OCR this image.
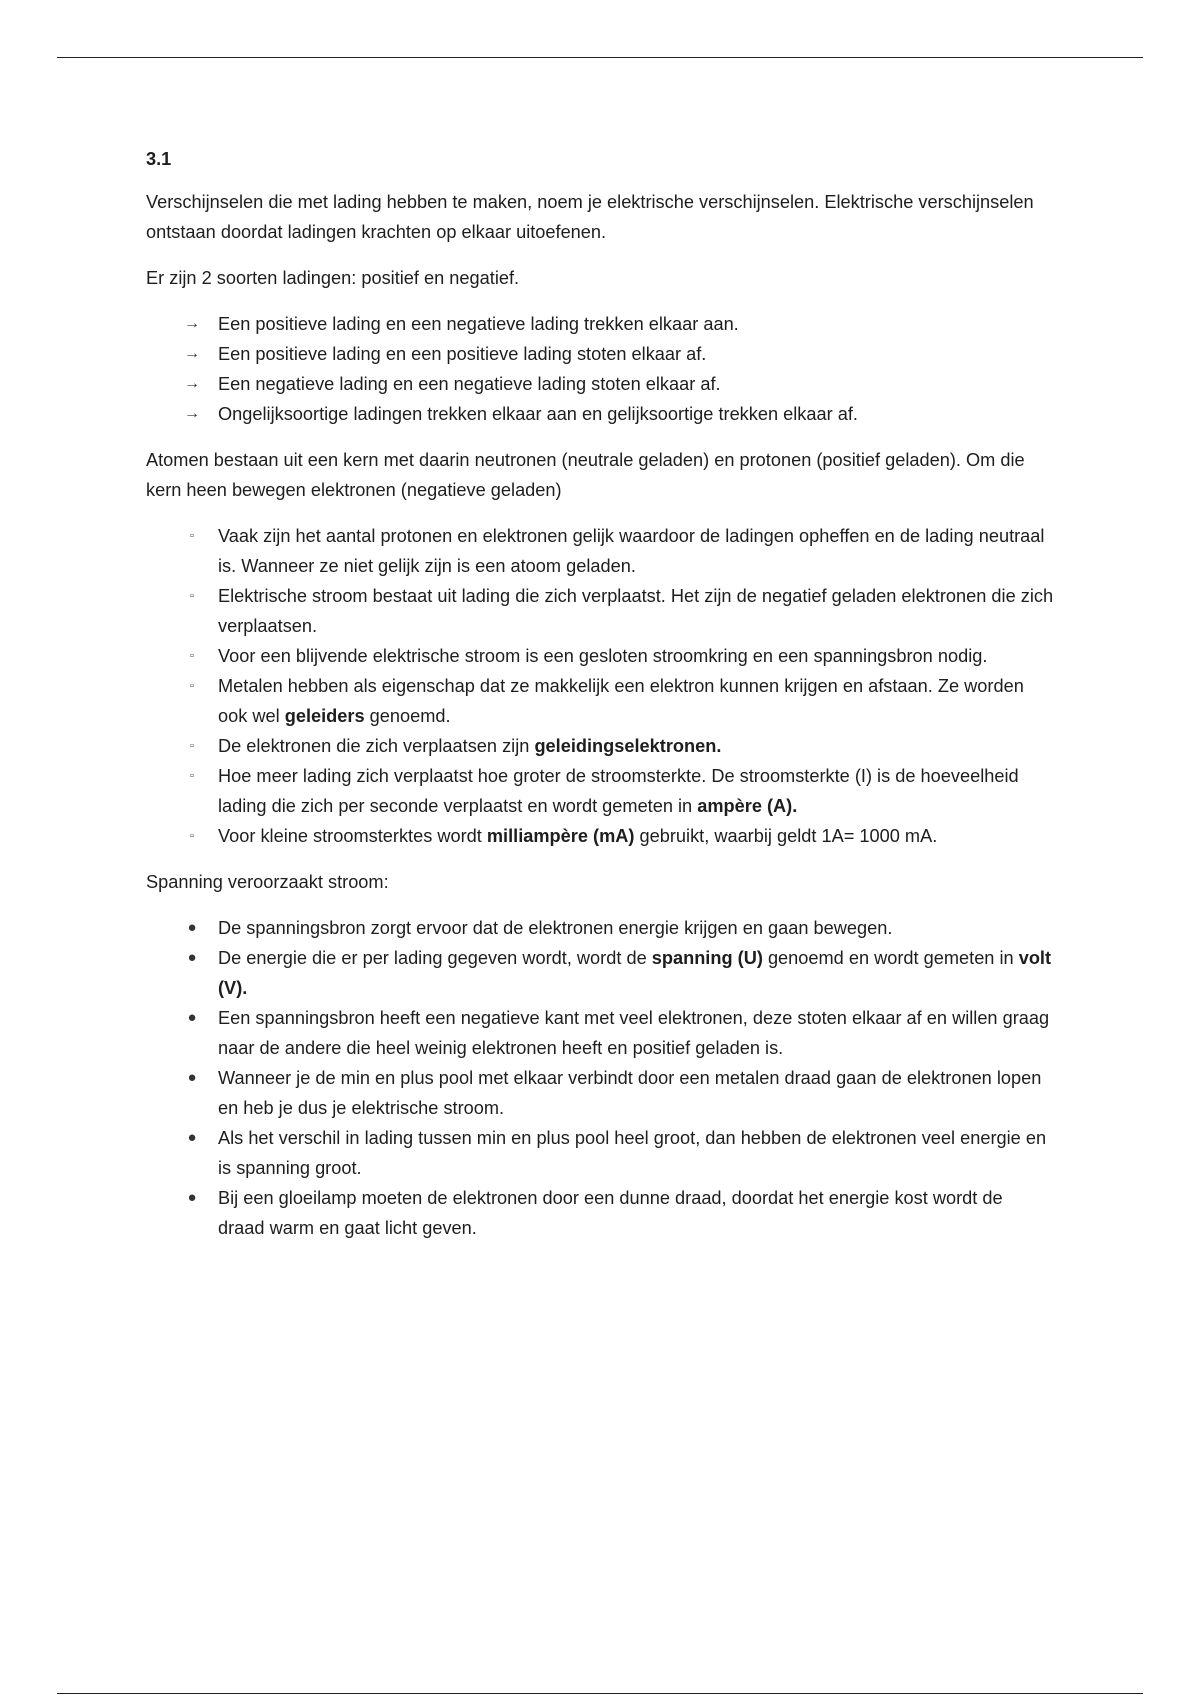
3.1

Verschijnselen die met lading hebben te maken, noem je elektrische verschijnselen. Elektrische verschijnselen ontstaan doordat ladingen krachten op elkaar uitoefenen.

Er zijn 2 soorten ladingen: positief en negatief.

→ Een positieve lading en een negatieve lading trekken elkaar aan.
→ Een positieve lading en een positieve lading stoten elkaar af.
→ Een negatieve lading en een negatieve lading stoten elkaar af.
→ Ongelijksoortige ladingen trekken elkaar aan en gelijksoortige trekken elkaar af.

Atomen bestaan uit een kern met daarin neutronen (neutrale geladen) en protonen (positief geladen). Om die kern heen bewegen elektronen (negatieve geladen)

▫	Vaak zijn het aantal protonen en elektronen gelijk waardoor de ladingen opheffen en de lading neutraal is. Wanneer ze niet gelijk zijn is een atoom geladen.
▫	Elektrische stroom bestaat uit lading die zich verplaatst. Het zijn de negatief geladen elektronen die zich verplaatsen.
▫	Voor een blijvende elektrische stroom is een gesloten stroomkring en een spanningsbron nodig.
▫	Metalen hebben als eigenschap dat ze makkelijk een elektron kunnen krijgen en afstaan. Ze worden ook wel geleiders genoemd.
▫	De elektronen die zich verplaatsen zijn geleidingselektronen.
▫	Hoe meer lading zich verplaatst hoe groter de stroomsterkte. De stroomsterkte (I) is de hoeveelheid lading die zich per seconde verplaatst en wordt gemeten in ampère (A).
▫	Voor kleine stroomsterktes wordt milliampère (mA) gebruikt, waarbij geldt 1A= 1000 mA.

Spanning veroorzaakt stroom:

●	De spanningsbron zorgt ervoor dat de elektronen energie krijgen en gaan bewegen.
●	De energie die er per lading gegeven wordt, wordt de spanning (U) genoemd en wordt gemeten in volt (V).
●	Een spanningsbron heeft een negatieve kant met veel elektronen, deze stoten elkaar af en willen graag naar de andere die heel weinig elektronen heeft en positief geladen is.
●	Wanneer je de min en plus pool met elkaar verbindt door een metalen draad gaan de elektronen lopen en heb je dus je elektrische stroom.
●	Als het verschil in lading tussen min en plus pool heel groot, dan hebben de elektronen veel energie en is spanning groot.
●	Bij een gloeilamp moeten de elektronen door een dunne draad, doordat het energie kost wordt de draad warm en gaat licht geven.
